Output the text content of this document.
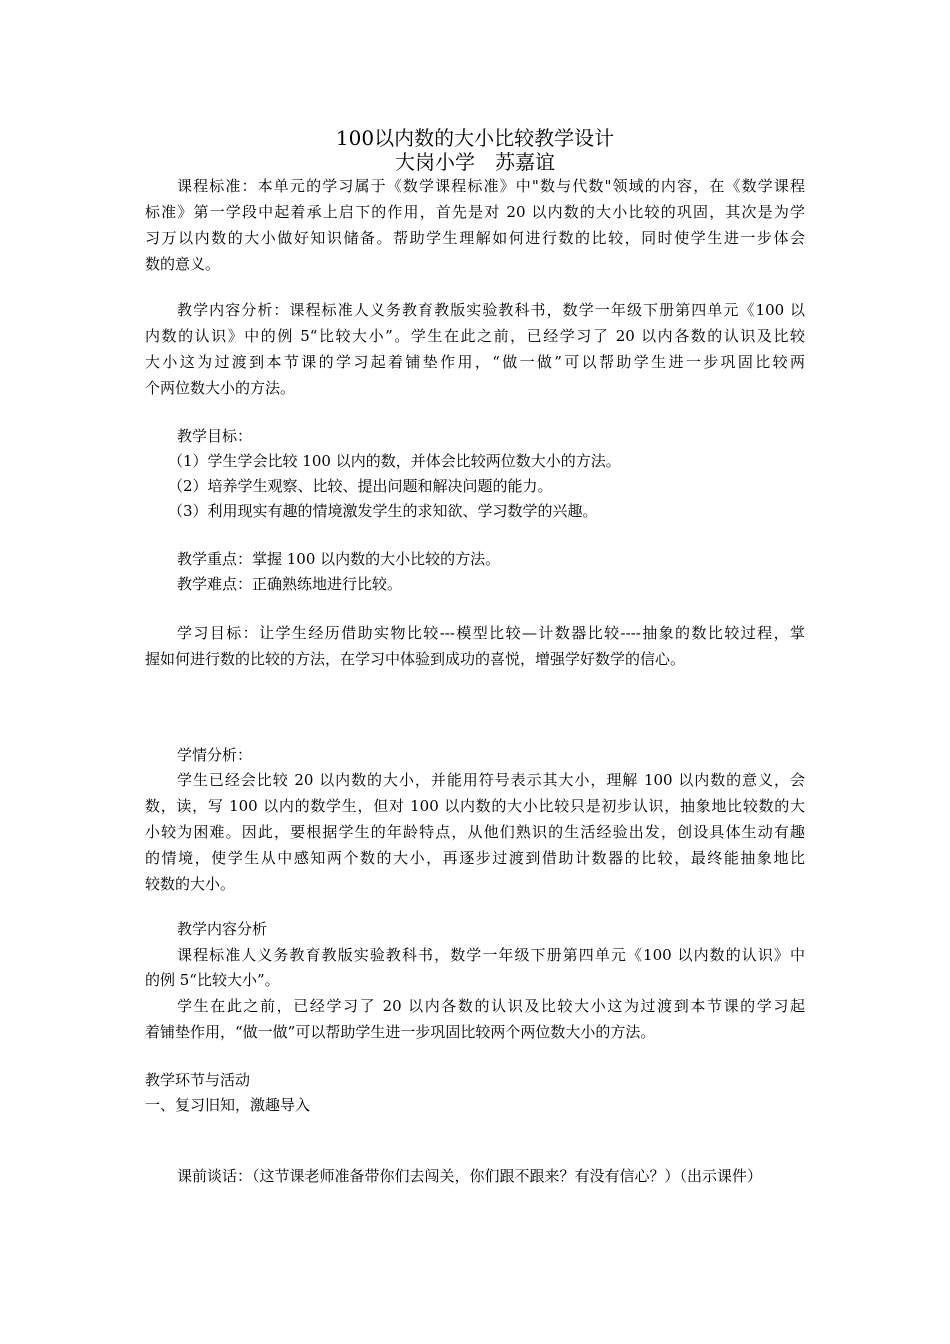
100以内数的大小比较教学设计
大岗小学　苏嘉谊
课程标准：本单元的学习属于《数学课程标准》中"数与代数"领域的内容，在《数学课程
标准》第一学段中起着承上启下的作用，首先是对 20 以内数的大小比较的巩固，其次是为学
习万以内数的大小做好知识储备。帮助学生理解如何进行数的比较，同时使学生进一步体会
数的意义。
教学内容分析：课程标准人义务教育教版实验教科书，数学一年级下册第四单元《100 以
内数的认识》中的例 5“比较大小”。学生在此之前，已经学习了 20 以内各数的认识及比较
大小这为过渡到本节课的学习起着铺垫作用，“做一做”可以帮助学生进一步巩固比较两
个两位数大小的方法。
教学目标：
（1）学生学会比较 100 以内的数，并体会比较两位数大小的方法。
（2）培养学生观察、比较、提出问题和解决问题的能力。
（3）利用现实有趣的情境激发学生的求知欲、学习数学的兴趣。
教学重点：掌握 100 以内数的大小比较的方法。
教学难点：正确熟练地进行比较。
学习目标：让学生经历借助实物比较---模型比较—计数器比较----抽象的数比较过程，掌
握如何进行数的比较的方法，在学习中体验到成功的喜悦，增强学好数学的信心。
学情分析：
学生已经会比较 20 以内数的大小，并能用符号表示其大小，理解 100 以内数的意义，会
数，读，写 100 以内的数学生，但对 100 以内数的大小比较只是初步认识，抽象地比较数的大
小较为困难。因此，要根据学生的年龄特点，从他们熟识的生活经验出发，创设具体生动有趣
的情境，使学生从中感知两个数的大小，再逐步过渡到借助计数器的比较，最终能抽象地比
较数的大小。
教学内容分析
课程标准人义务教育教版实验教科书，数学一年级下册第四单元《100 以内数的认识》中
的例 5“比较大小”。
学生在此之前，已经学习了 20 以内各数的认识及比较大小这为过渡到本节课的学习起
着铺垫作用，“做一做”可以帮助学生进一步巩固比较两个两位数大小的方法。
教学环节与活动
一、复习旧知，激趣导入
课前谈话：（这节课老师准备带你们去闯关，你们跟不跟来？有没有信心？）（出示课件）
